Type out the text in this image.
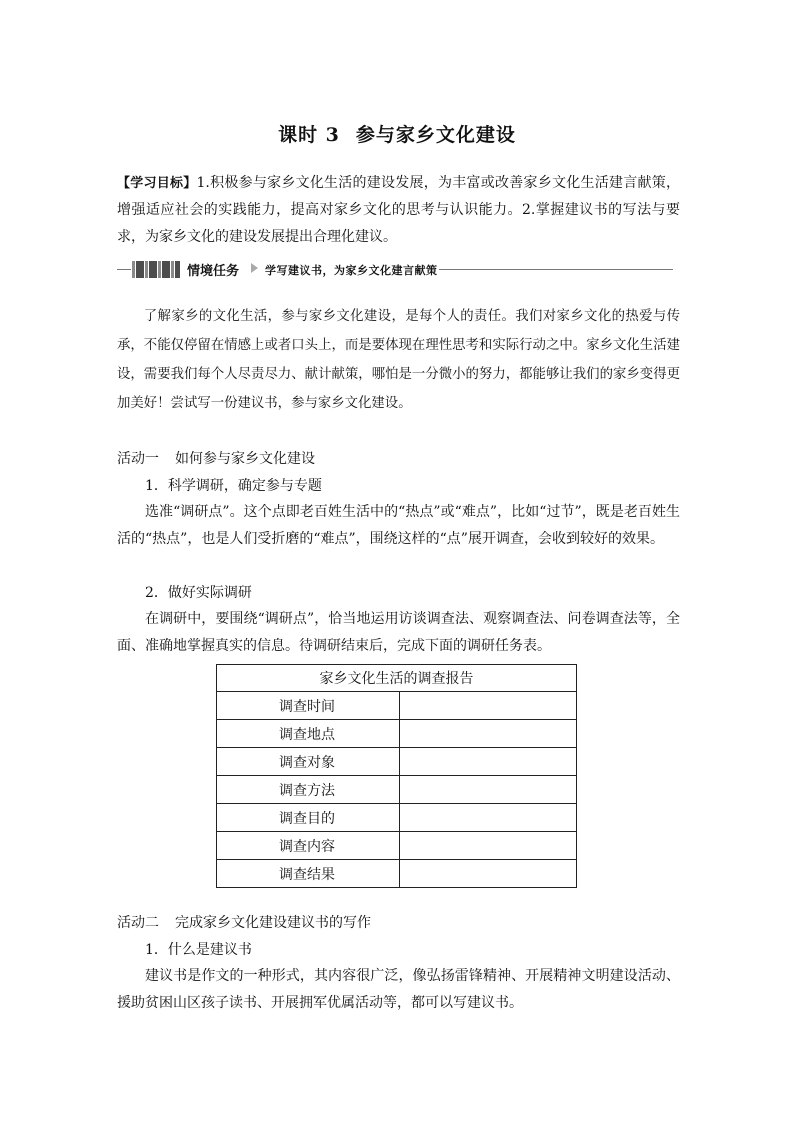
课时 3 参与家乡文化建设
【学习目标】1.积极参与家乡文化生活的建设发展，为丰富或改善家乡文化生活建言献策，增强适应社会的实践能力，提高对家乡文化的思考与认识能力。2.掌握建议书的写法与要求，为家乡文化的建设发展提出合理化建议。
情境任务 学写建议书，为家乡文化建言献策
了解家乡的文化生活，参与家乡文化建设，是每个人的责任。我们对家乡文化的热爱与传承，不能仅停留在情感上或者口头上，而是要体现在理性思考和实际行动之中。家乡文化生活建设，需要我们每个人尽责尽力、献计献策，哪怕是一分微小的努力，都能够让我们的家乡变得更加美好！尝试写一份建议书，参与家乡文化建设。
活动一 如何参与家乡文化建设
1．科学调研，确定参与专题
选准“调研点”。这个点即老百姓生活中的“热点”或“难点”，比如“过节”，既是老百姓生活的“热点”，也是人们受折磨的“难点”，围绕这样的“点”展开调查，会收到较好的效果。
2．做好实际调研
在调研中，要围绕“调研点”，恰当地运用访谈调查法、观察调查法、问卷调查法等，全面、准确地掌握真实的信息。待调研结束后，完成下面的调研任务表。
家乡文化生活的调查报告	
调查时间	
调查地点	
调查对象	
调查方法	
调查目的	
调查内容	
调查结果	
活动二 完成家乡文化建设建议书的写作
1．什么是建议书
建议书是作文的一种形式，其内容很广泛，像弘扬雷锋精神、开展精神文明建设活动、援助贫困山区孩子读书、开展拥军优属活动等，都可以写建议书。
